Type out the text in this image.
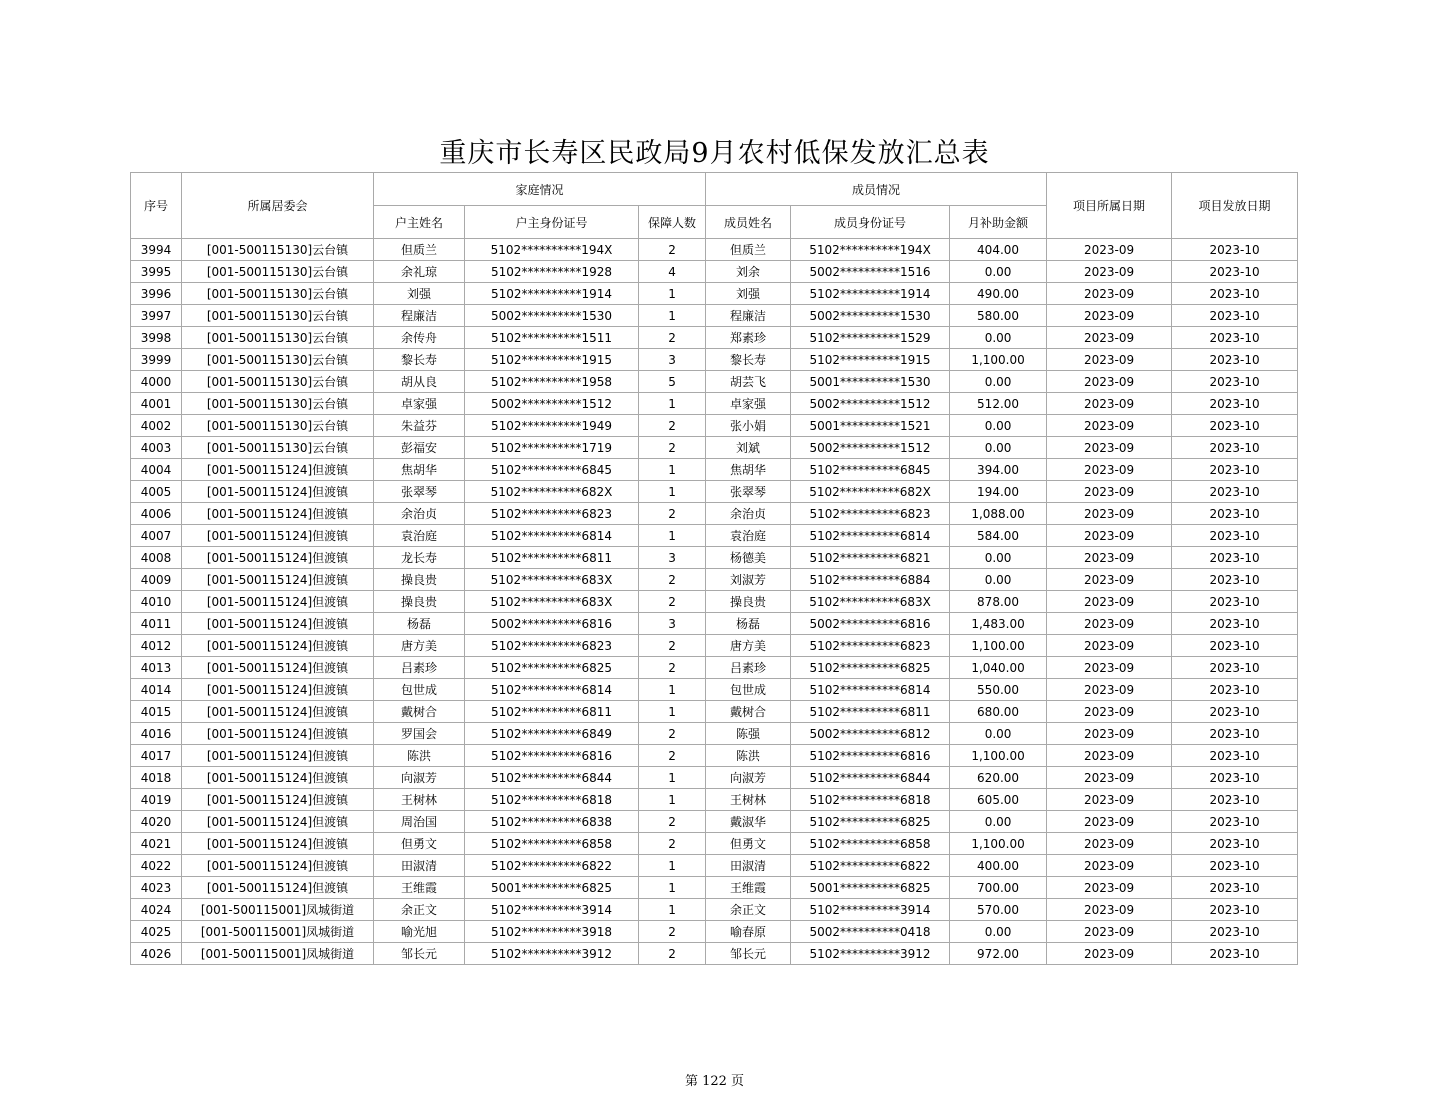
重庆市长寿区民政局9月农村低保发放汇总表
序号	所属居委会	家庭情况			成员情况			项目所属日期	项目发放日期
		户主姓名	户主身份证号	保障人数	成员姓名	成员身份证号	月补助金额		
3994	[001-500115130]云台镇	但质兰	5102**********194X	2	但质兰	5102**********194X	404.00	2023-09	2023-10
3995	[001-500115130]云台镇	余礼琼	5102**********1928	4	刘余	5002**********1516	0.00	2023-09	2023-10
3996	[001-500115130]云台镇	刘强	5102**********1914	1	刘强	5102**********1914	490.00	2023-09	2023-10
3997	[001-500115130]云台镇	程廉洁	5002**********1530	1	程廉洁	5002**********1530	580.00	2023-09	2023-10
3998	[001-500115130]云台镇	余传舟	5102**********1511	2	郑素珍	5102**********1529	0.00	2023-09	2023-10
3999	[001-500115130]云台镇	黎长寿	5102**********1915	3	黎长寿	5102**********1915	1,100.00	2023-09	2023-10
4000	[001-500115130]云台镇	胡从良	5102**********1958	5	胡芸飞	5001**********1530	0.00	2023-09	2023-10
4001	[001-500115130]云台镇	卓家强	5002**********1512	1	卓家强	5002**********1512	512.00	2023-09	2023-10
4002	[001-500115130]云台镇	朱益芬	5102**********1949	2	张小娟	5001**********1521	0.00	2023-09	2023-10
4003	[001-500115130]云台镇	彭福安	5102**********1719	2	刘斌	5002**********1512	0.00	2023-09	2023-10
4004	[001-500115124]但渡镇	焦胡华	5102**********6845	1	焦胡华	5102**********6845	394.00	2023-09	2023-10
4005	[001-500115124]但渡镇	张翠琴	5102**********682X	1	张翠琴	5102**********682X	194.00	2023-09	2023-10
4006	[001-500115124]但渡镇	余治贞	5102**********6823	2	余治贞	5102**********6823	1,088.00	2023-09	2023-10
4007	[001-500115124]但渡镇	袁治庭	5102**********6814	1	袁治庭	5102**********6814	584.00	2023-09	2023-10
4008	[001-500115124]但渡镇	龙长寿	5102**********6811	3	杨德美	5102**********6821	0.00	2023-09	2023-10
4009	[001-500115124]但渡镇	操良贵	5102**********683X	2	刘淑芳	5102**********6884	0.00	2023-09	2023-10
4010	[001-500115124]但渡镇	操良贵	5102**********683X	2	操良贵	5102**********683X	878.00	2023-09	2023-10
4011	[001-500115124]但渡镇	杨磊	5002**********6816	3	杨磊	5002**********6816	1,483.00	2023-09	2023-10
4012	[001-500115124]但渡镇	唐方美	5102**********6823	2	唐方美	5102**********6823	1,100.00	2023-09	2023-10
4013	[001-500115124]但渡镇	吕素珍	5102**********6825	2	吕素珍	5102**********6825	1,040.00	2023-09	2023-10
4014	[001-500115124]但渡镇	包世成	5102**********6814	1	包世成	5102**********6814	550.00	2023-09	2023-10
4015	[001-500115124]但渡镇	戴树合	5102**********6811	1	戴树合	5102**********6811	680.00	2023-09	2023-10
4016	[001-500115124]但渡镇	罗国会	5102**********6849	2	陈强	5002**********6812	0.00	2023-09	2023-10
4017	[001-500115124]但渡镇	陈洪	5102**********6816	2	陈洪	5102**********6816	1,100.00	2023-09	2023-10
4018	[001-500115124]但渡镇	向淑芳	5102**********6844	1	向淑芳	5102**********6844	620.00	2023-09	2023-10
4019	[001-500115124]但渡镇	王树林	5102**********6818	1	王树林	5102**********6818	605.00	2023-09	2023-10
4020	[001-500115124]但渡镇	周治国	5102**********6838	2	戴淑华	5102**********6825	0.00	2023-09	2023-10
4021	[001-500115124]但渡镇	但勇文	5102**********6858	2	但勇文	5102**********6858	1,100.00	2023-09	2023-10
4022	[001-500115124]但渡镇	田淑清	5102**********6822	1	田淑清	5102**********6822	400.00	2023-09	2023-10
4023	[001-500115124]但渡镇	王维霞	5001**********6825	1	王维霞	5001**********6825	700.00	2023-09	2023-10
4024	[001-500115001]凤城街道	余正文	5102**********3914	1	余正文	5102**********3914	570.00	2023-09	2023-10
4025	[001-500115001]凤城街道	喻光旭	5102**********3918	2	喻春原	5002**********0418	0.00	2023-09	2023-10
4026	[001-500115001]凤城街道	邹长元	5102**********3912	2	邹长元	5102**********3912	972.00	2023-09	2023-10
第 122 页
